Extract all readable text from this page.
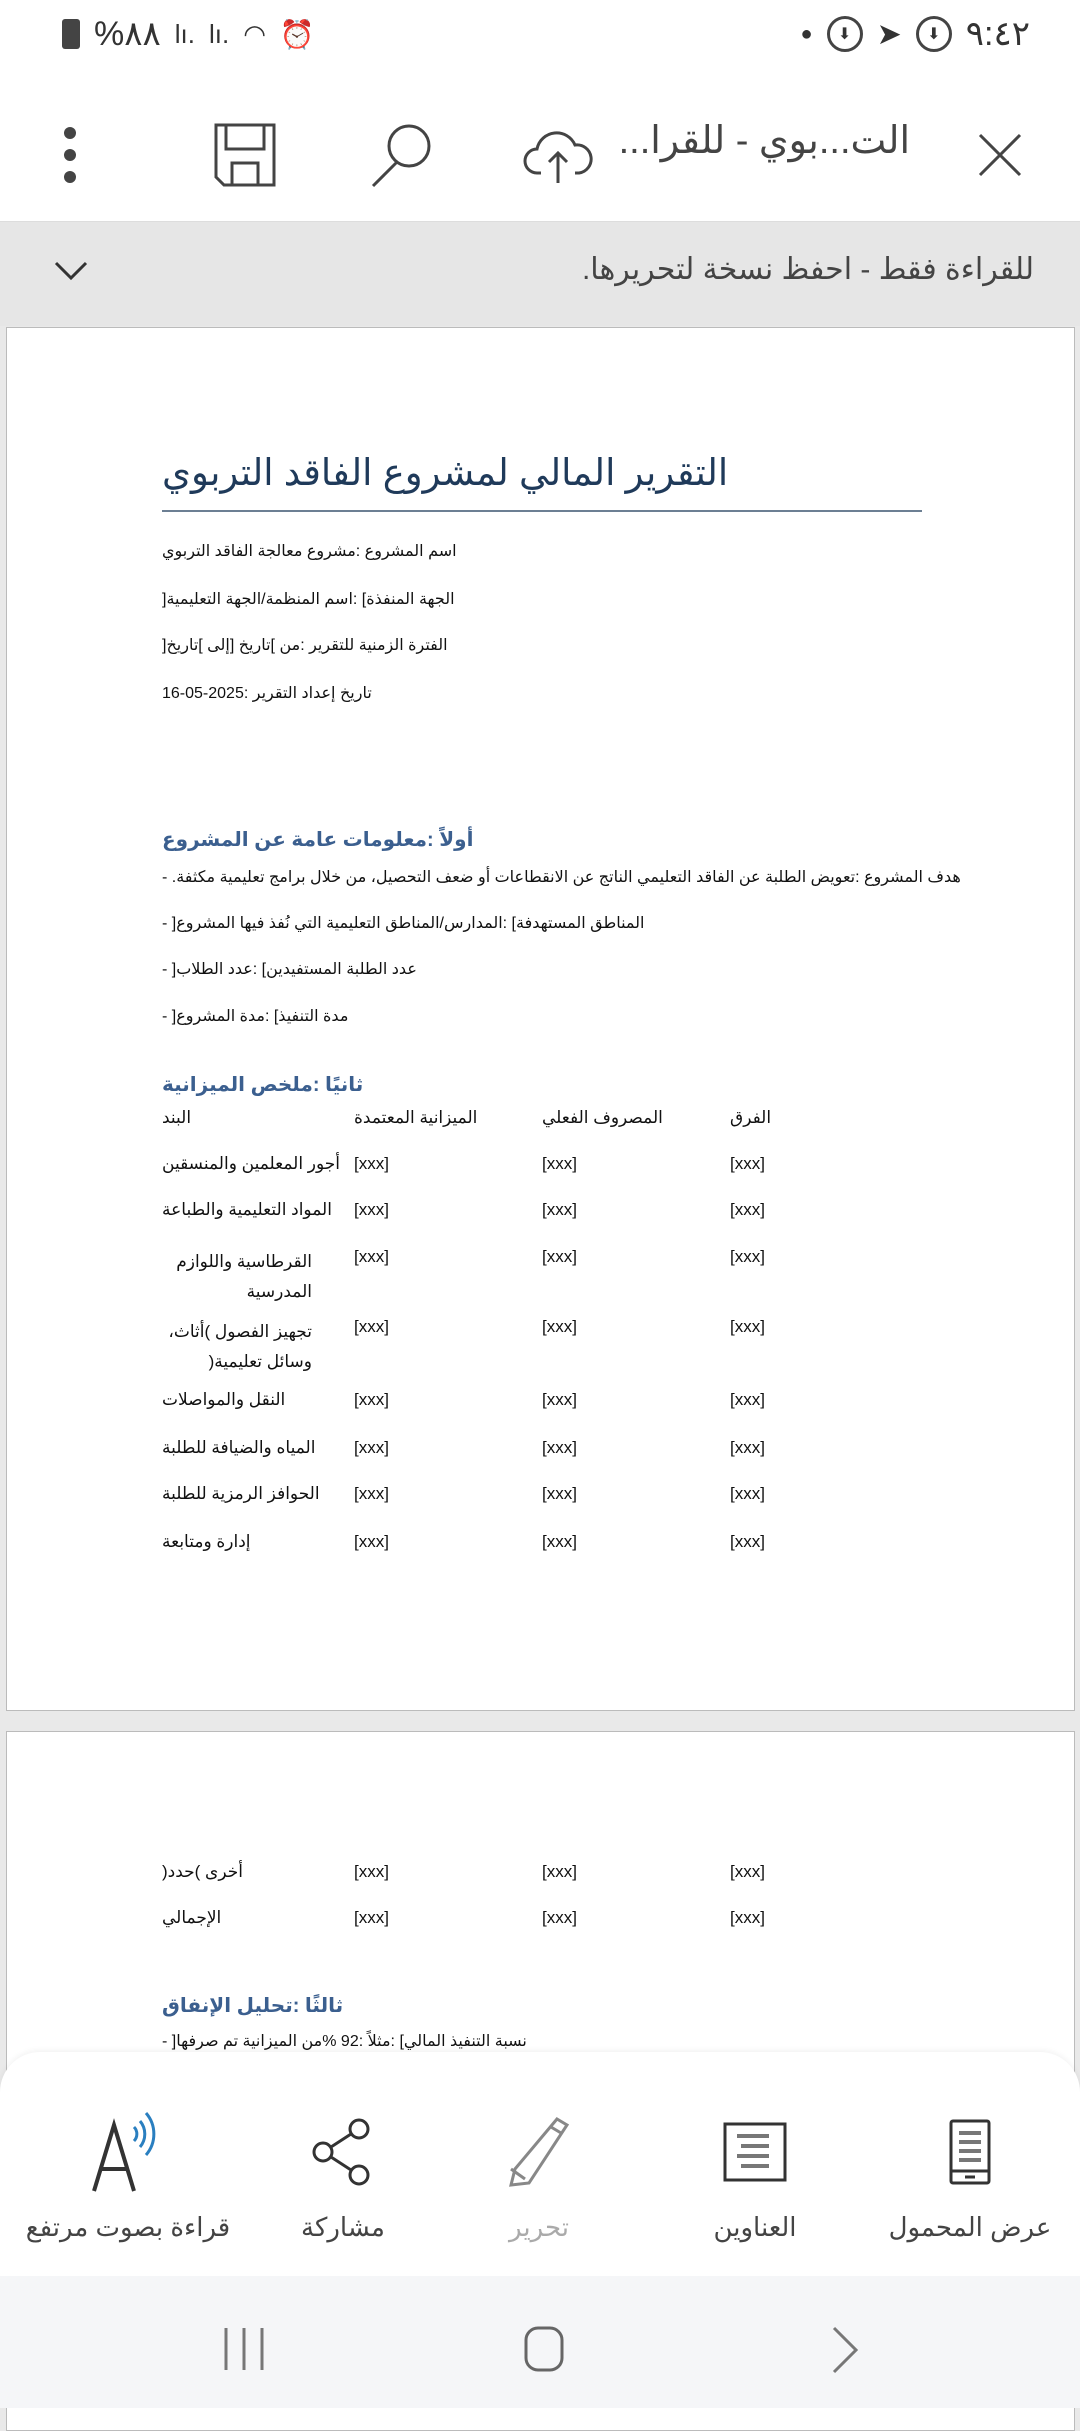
%٨٨ lı. lı. ◠ ⏰	●	⬇ ➤	⬇ ٩:٤٢
الت...بوي - للقرا...
للقراءة فقط - احفظ نسخة لتحريرها.
التقرير المالي لمشروع الفاقد التربوي
اسم المشروع :مشروع معالجة الفاقد التربوي
الجهة المنفذة] :اسم المنظمة/الجهة التعليمية[
الفترة الزمنية للتقرير :من ]تاريخ [إلى ]تاريخ[
تاريخ إعداد التقرير :2025-05-16
أولاً :معلومات عامة عن المشروع
هدف المشروع :تعويض الطلبة عن الفاقد التعليمي الناتج عن الانقطاعات أو ضعف التحصيل، من خلال برامج تعليمية مكثفة. -
المناطق المستهدفة] :المدارس/المناطق التعليمية التي نُفذ فيها المشروع[ -
عدد الطلبة المستفيدين] :عدد الطلاب[ -
مدة التنفيذ] :مدة المشروع[ -
ثانيًا :ملخص الميزانية
البند	الميزانية المعتمدة	المصروف الفعلي	الفرق
أجور المعلمين والمنسقين [xxx]	[xxx]	[xxx]
المواد التعليمية والطباعة [xxx]	[xxx]	[xxx]
القرطاسية واللوازم المدرسية
[xxx]	[xxx]	[xxx]
تجهيز الفصول )أثاث، وسائل تعليمية(
[xxx]	[xxx]	[xxx]
النقل والمواصلات	[xxx]	[xxx]	[xxx]
المياه والضيافة للطلبة [xxx]	[xxx]	[xxx]
الحوافز الرمزية للطلبة [xxx]	[xxx]	[xxx]
إدارة ومتابعة	[xxx]	[xxx]	[xxx]
أخرى )حدد(	[xxx]	[xxx]	[xxx]
الإجمالي	[xxx]	[xxx]	[xxx]
ثالثًا :تحليل الإنفاق
نسبة التنفيذ المالي] :مثلاً :92 %من الميزانية تم صرفها[ -
قراءة بصوت مرتفع	مشاركة	تحرير	العناوين	عرض المحمول
